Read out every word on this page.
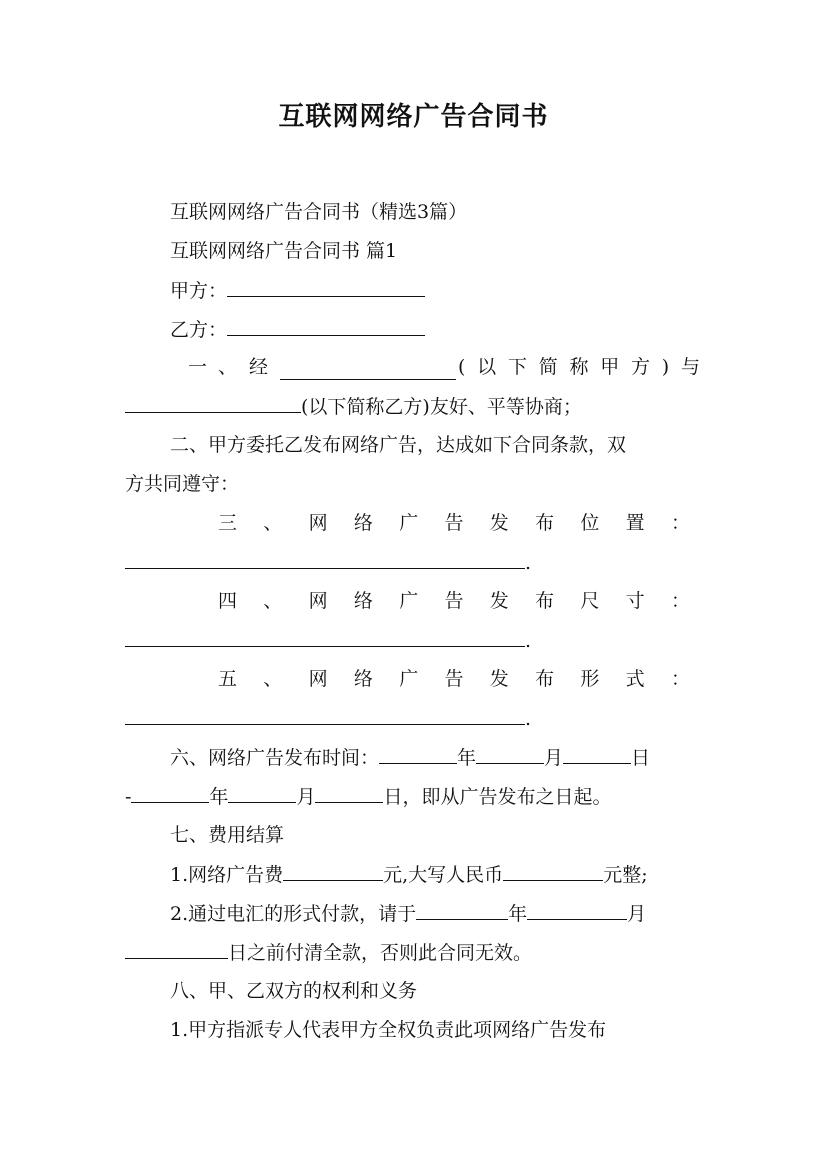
互联网网络广告合同书
互联网网络广告合同书（精选3篇）
互联网网络广告合同书 篇1
甲方：
乙方：
一 、 经	( 以 下 简 称 甲 方 ) 与
(以下简称乙方)友好、平等协商；
二、甲方委托乙发布网络广告，达成如下合同条款，双
方共同遵守：
三 、 网 络 广 告 发 布 位 置 ：
.
四 、 网 络 广 告 发 布 尺 寸 ：
.
五 、 网 络 广 告 发 布 形 式 ：
.
六、网络广告发布时间：	年	月	日
-	年	月	日，即从广告发布之日起。
七、费用结算
1.网络广告费	元,大写人民币	元整;
2.通过电汇的形式付款，请于	年	月
日之前付清全款，否则此合同无效。
八、甲、乙双方的权利和义务
1.甲方指派专人代表甲方全权负责此项网络广告发布
